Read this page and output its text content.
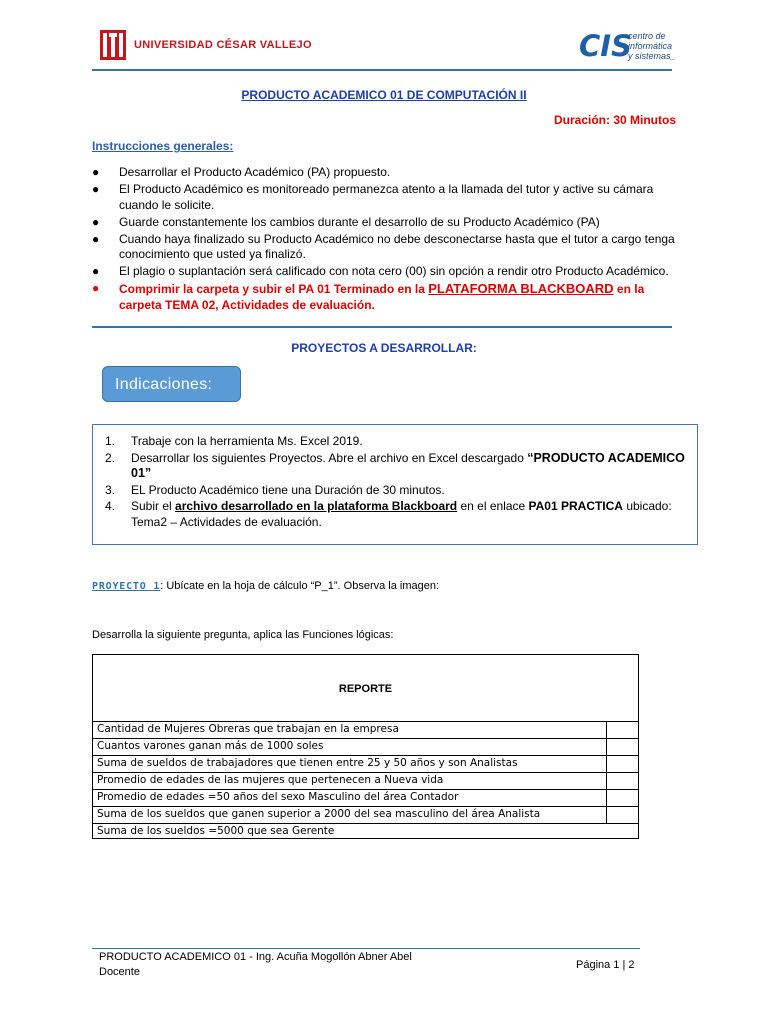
UNIVERSIDAD CÉSAR VALLEJO	CIS
centro de
informática
y sistemas_
PRODUCTO ACADEMICO 01 DE COMPUTACIÓN II
Duración: 30 Minutos
Instrucciones generales:
● Desarrollar el Producto Académico (PA) propuesto.
● El Producto Académico es monitoreado permanezca atento a la llamada del tutor y active su cámara cuando le solicite.
● Guarde constantemente los cambios durante el desarrollo de su Producto Académico (PA)
● Cuando haya finalizado su Producto Académico no debe desconectarse hasta que el tutor a cargo tenga conocimiento que usted ya finalizó.
● El plagio o suplantación será calificado con nota cero (00) sin opción a rendir otro Producto Académico.
● Comprimir la carpeta y subir el PA 01 Terminado en la PLATAFORMA BLACKBOARD en la carpeta TEMA 02, Actividades de evaluación.
PROYECTOS A DESARROLLAR:
Indicaciones:
1. Trabaje con la herramienta Ms. Excel 2019.
2. Desarrollar los siguientes Proyectos. Abre el archivo en Excel descargado “PRODUCTO ACADEMICO 01”
3. EL Producto Académico tiene una Duración de 30 minutos.
4. Subir el archivo desarrollado en la plataforma Blackboard en el enlace PA01 PRACTICA ubicado: Tema2 – Actividades de evaluación.
PROYECTO 1: Ubícate en la hoja de cálculo “P_1”. Observa la imagen:
Desarrolla la siguiente pregunta, aplica las Funciones lógicas:
REPORTE
Cantidad de Mujeres Obreras que trabajan en la empresa
Cuantos varones ganan más de 1000 soles
Suma de sueldos de trabajadores que tienen entre 25 y 50 años y son Analistas
Promedio de edades de las mujeres que pertenecen a Nueva vida
Promedio de edades =50 años del sexo Masculino del área Contador
Suma de los sueldos que ganen superior a 2000 del sea masculino del área Analista
Suma de los sueldos =5000 que sea Gerente
PRODUCTO ACADEMICO 01 - Ing. Acuña Mogollón Abner Abel
Docente
Página 1 | 2
